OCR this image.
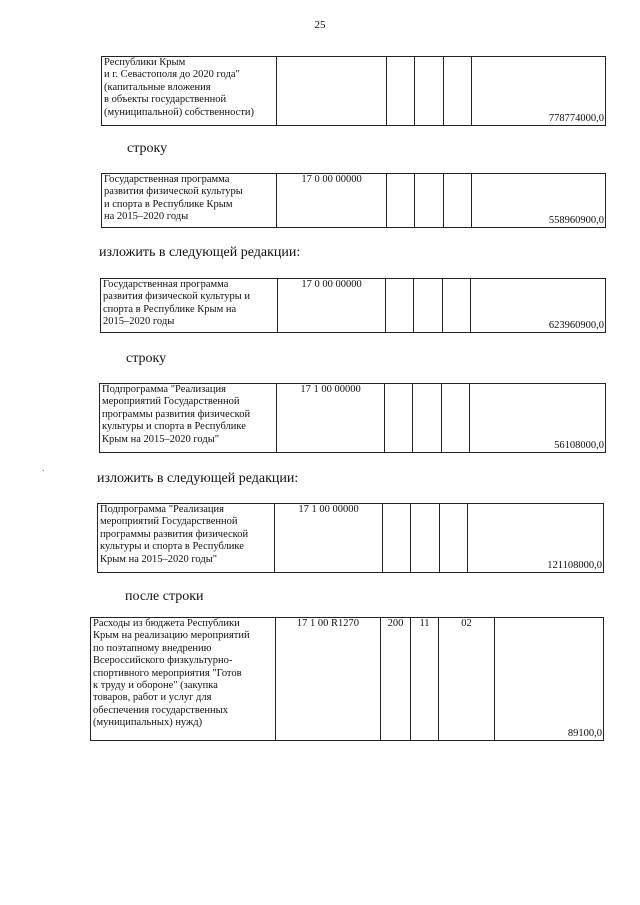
25
Республики Крым
и г. Севастополя до 2020 года"
(капитальные вложения
в объекты государственной
(муниципальной) собственности)					778774000,0
строку
Государственная программа
развития физической культуры
и спорта в Республике Крым
на 2015–2020 годы	17 0 00 00000				558960900,0
изложить в следующей редакции:
Государственная программа
развития физической культуры и
спорта в Республике Крым на
2015–2020 годы	17 0 00 00000				623960900,0
строку
Подпрограмма "Реализация
мероприятий Государственной
программы развития физической
культуры и спорта в Республике
Крым на 2015–2020 годы"	17 1 00 00000				56108000,0
.
изложить в следующей редакции:
Подпрограмма "Реализация
мероприятий Государственной
программы развития физической
культуры и спорта в Республике
Крым на 2015–2020 годы"	17 1 00 00000				121108000,0
после строки
Расходы из бюджета Республики
Крым на реализацию мероприятий
по поэтапному внедрению
Всероссийского физкультурно-
спортивного мероприятия "Готов
к труду и обороне" (закупка
товаров, работ и услуг для
обеспечения государственных
(муниципальных) нужд)	17 1 00 R1270	200	11	02	89100,0
